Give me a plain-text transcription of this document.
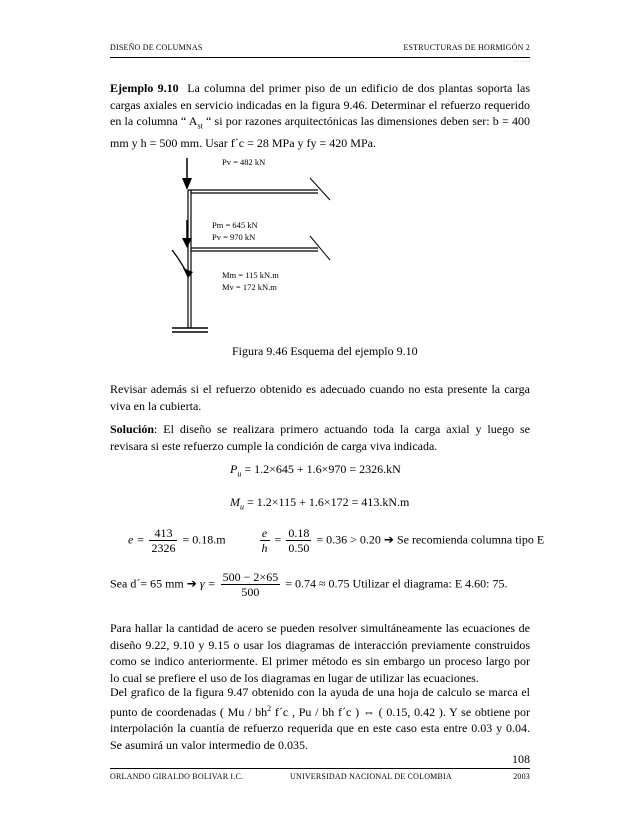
DISEÑO DE COLUMNAS	ESTRUCTURAS DE HORMIGÓN 2
. . . . . .

Ejemplo 9.10 La columna del primer piso de un edificio de dos plantas soporta las cargas axiales en servicio indicadas en la figura 9.46. Determinar el refuerzo requerido en la columna “ $A_{st}$ “ si por razones arquitectónicas las dimensiones deben ser: b = 400 mm y h = 500 mm. Usar f´c = 28 MPa y fy = 420 MPa.

Pv = 482 kN
Pm = 645 kN
Pv = 970 kN
Mm = 115 kN.m
Mv = 172 kN.m
Figura 9.46 Esquema del ejemplo 9.10

Revisar además si el refuerzo obtenido es adecuado cuando no esta presente la carga viva en la cubierta.

Solución: El diseño se realizara primero actuando toda la carga axial y luego se revisara si este refuerzo cumple la condición de carga viva indicada.

$P_u = 1.2\times 645 + 1.6\times 970 = 2326.kN$
$M_u = 1.2\times 115 + 1.6\times 172 = 413.kN.m$
$e = \frac{413}{2326} = 0.18.m$	$\frac{e}{h} = \frac{0.18}{0.50} = 0.36 > 0.20$ ➔ Se recomienda columna tipo E
Sea d´= 65 mm ➔ $\gamma = \frac{500 - 2\times 65}{500} = 0.74 \approx 0.75$ Utilizar el diagrama: E 4.60: 75.

Para hallar la cantidad de acero se pueden resolver simultáneamente las ecuaciones de diseño 9.22, 9.10 y 9.15 o usar los diagramas de interacción previamente construidos como se indico anteriormente. El primer método es sin embargo un proceso largo por lo cual se prefiere el uso de los diagramas en lugar de utilizar las ecuaciones.

Del grafico de la figura 9.47 obtenido con la ayuda de una hoja de calculo se marca el punto de coordenadas ( Mu / $bh^2$ f´c , Pu / bh f´c ) ⇔ ( 0.15, 0.42 ). Y se obtiene por interpolación la cuantía de refuerzo requerida que en este caso esta entre 0.03 y 0.04. Se asumirá un valor intermedio de 0.035.

108
ORLANDO GIRALDO BOLIVAR I.C.	UNIVERSIDAD NACIONAL DE COLOMBIA	2003
